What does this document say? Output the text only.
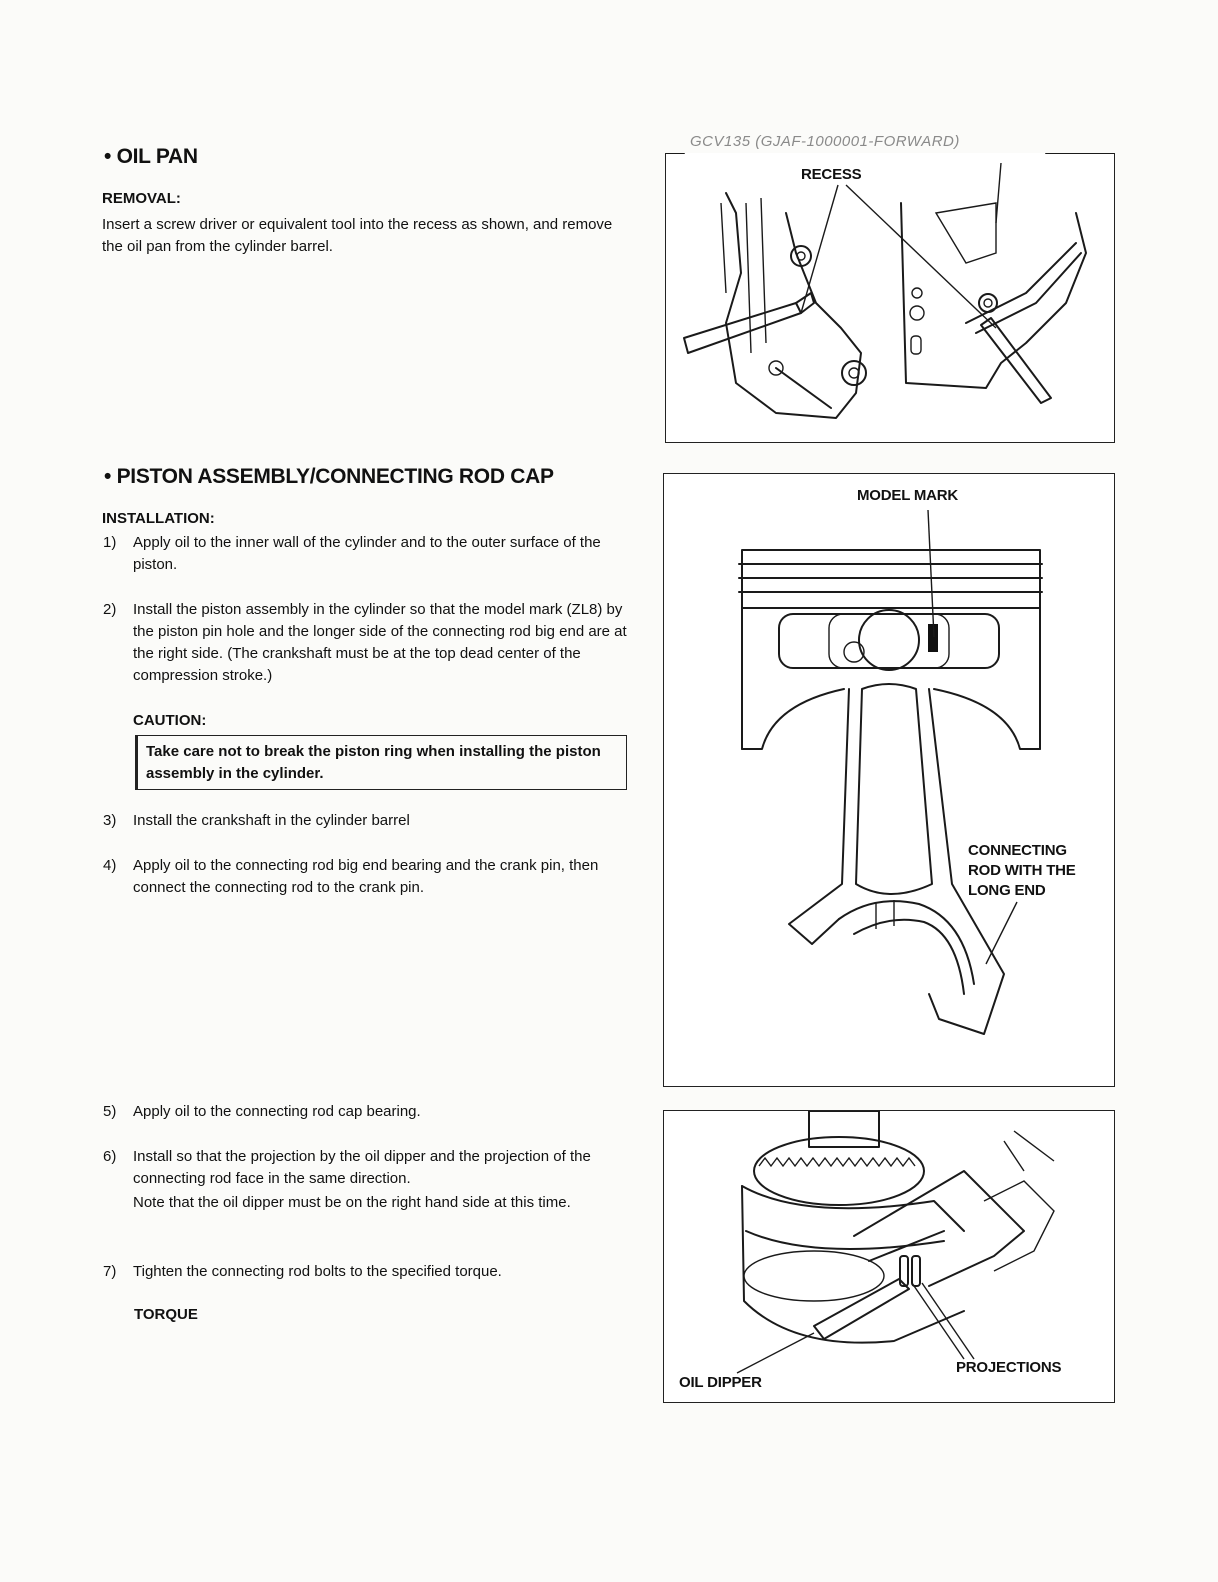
• OIL PAN
REMOVAL:
Insert a screw driver or equivalent tool into the recess as shown, and remove the oil pan from the cylinder barrel.
• PISTON ASSEMBLY/CONNECTING ROD CAP
INSTALLATION:
1)	Apply oil to the inner wall of the cylinder and to the outer surface of the piston.
2)	Install the piston assembly in the cylinder so that the model mark (ZL8) by the piston pin hole and the longer side of the connecting rod big end are at the right side. (The crankshaft must be at the top dead center of the compression stroke.)
CAUTION:
Take care not to break the piston ring when installing the piston assembly in the cylinder.
3)	Install the crankshaft in the cylinder barrel
4)	Apply oil to the connecting rod big end bearing and the crank pin, then connect the connecting rod to the crank pin.
5)	Apply oil to the connecting rod cap bearing.
6)	Install so that the projection by the oil dipper and the projection of the connecting rod face in the same direction.
Note that the oil dipper must be on the right hand side at this time.
7)	Tighten the connecting rod bolts to the specified torque.
TORQUE
GCV135 (GJAF-1000001-FORWARD)
RECESS
MODEL MARK
CONNECTING
ROD WITH THE
LONG END
OIL DIPPER
PROJECTIONS
